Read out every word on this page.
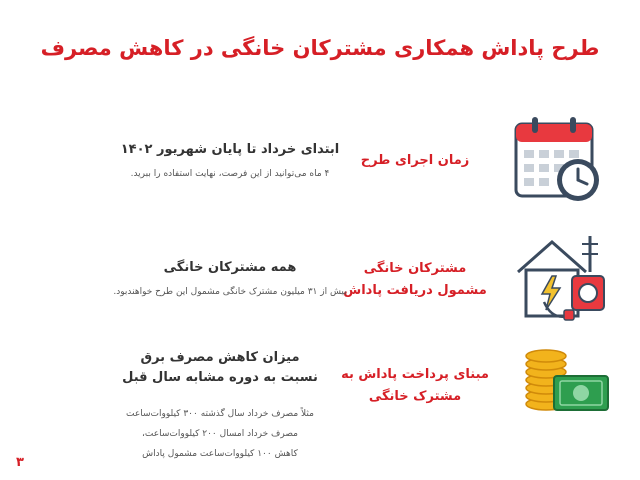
طرح پاداش همکاری مشترکان خانگی در کاهش مصرف
زمان اجرای طرح
ابتدای خرداد تا پایان شهریور ۱۴۰۲
۴ ماه می‌توانید از این فرصت، نهایت استفاده را ببرید.
مشترکان خانگی
مشمول دریافت پاداش
همه مشترکان خانگی
بیش از ۳۱ میلیون مشترک خانگی مشمول این طرح خواهندبود.
مبنای پرداخت پاداش به
مشترک خانگی
میزان کاهش مصرف برق
نسبت به دوره مشابه سال قبل
مثلاً مصرف خرداد سال گذشته ۳۰۰ کیلووات‌ساعت
مصرف خرداد امسال ۲۰۰ کیلووات‌ساعت،
کاهش ۱۰۰ کیلووات‌ساعت مشمول پاداش
۳
